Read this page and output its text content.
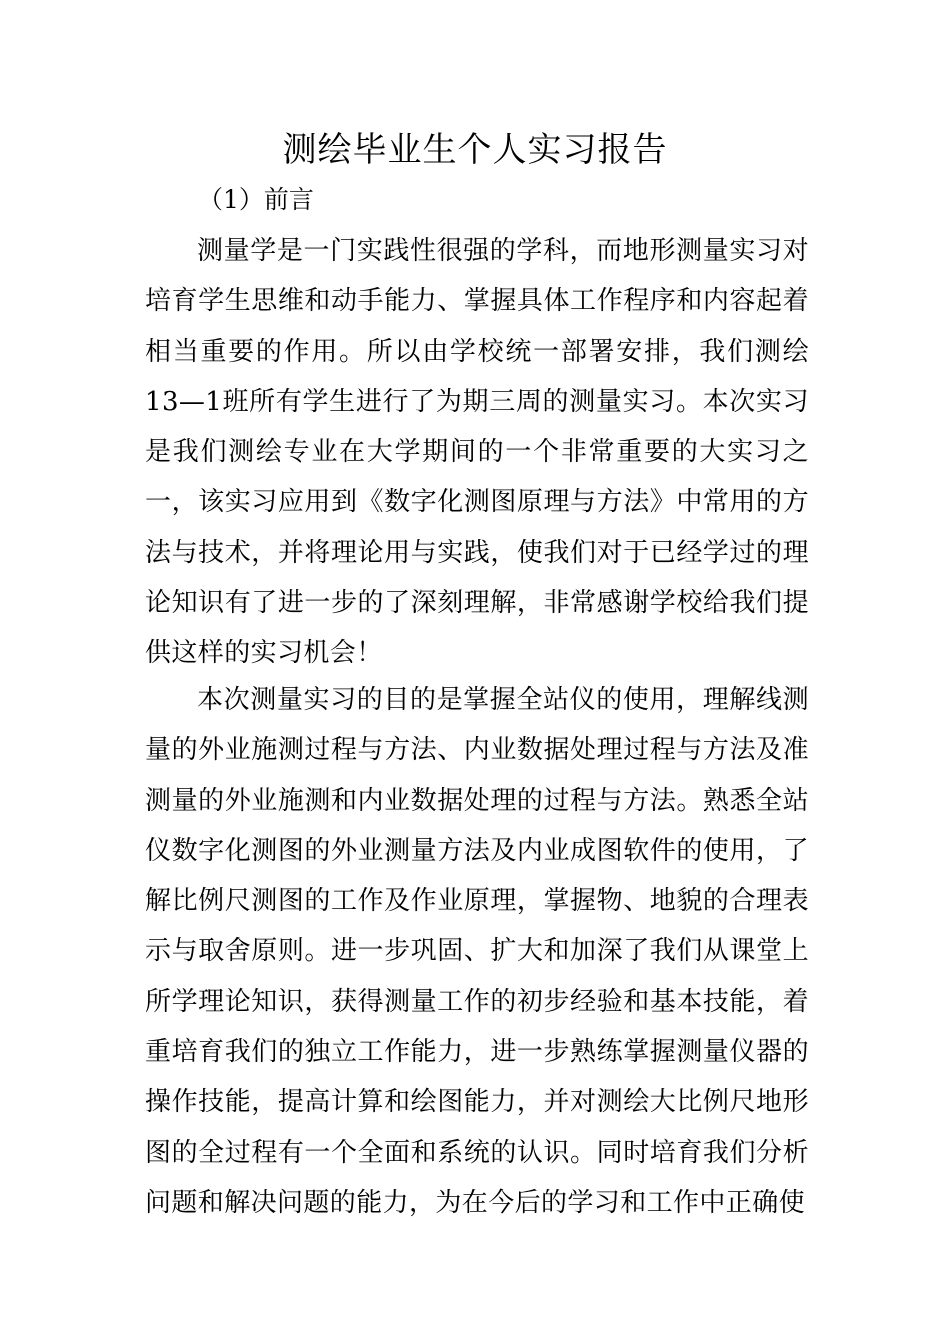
测绘毕业生个人实习报告
（1）前言

测量学是一门实践性很强的学科，而地形测量实习对培育学生思维和动手能力、掌握具体工作程序和内容起着相当重要的作用。所以由学校统一部署安排，我们测绘13—1班所有学生进行了为期三周的测量实习。本次实习是我们测绘专业在大学期间的一个非常重要的大实习之一，该实习应用到《数字化测图原理与方法》中常用的方法与技术，并将理论用与实践，使我们对于已经学过的理论知识有了进一步的了深刻理解，非常感谢学校给我们提供这样的实习机会！

本次测量实习的目的是掌握全站仪的使用，理解线测量的外业施测过程与方法、内业数据处理过程与方法及准测量的外业施测和内业数据处理的过程与方法。熟悉全站仪数字化测图的外业测量方法及内业成图软件的使用，了解比例尺测图的工作及作业原理，掌握物、地貌的合理表示与取舍原则。进一步巩固、扩大和加深了我们从课堂上所学理论知识，获得测量工作的初步经验和基本技能，着重培育我们的独立工作能力，进一步熟练掌握测量仪器的操作技能，提高计算和绘图能力，并对测绘大比例尺地形图的全过程有一个全面和系统的认识。同时培育我们分析问题和解决问题的能力，为在今后的学习和工作中正确使
